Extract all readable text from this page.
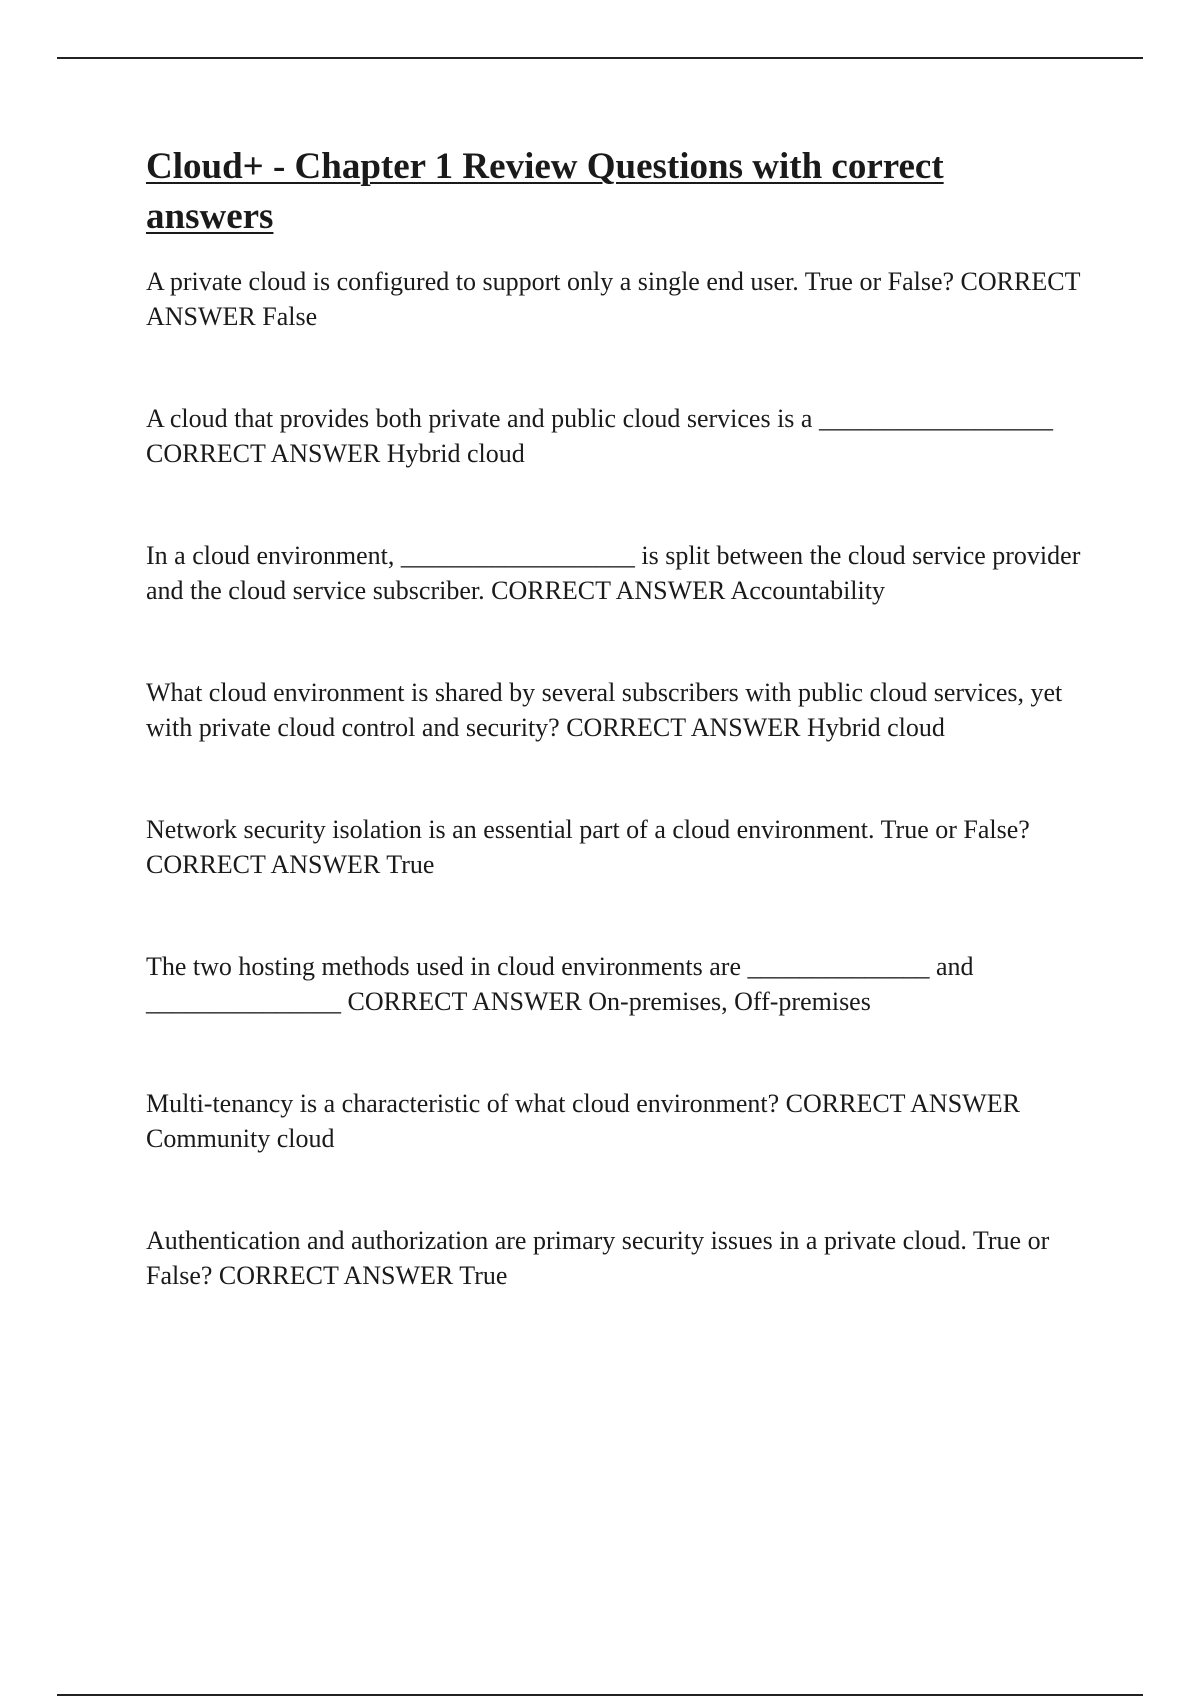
Cloud+ - Chapter 1 Review Questions with correct answers

A private cloud is configured to support only a single end user. True or False? CORRECT ANSWER False

A cloud that provides both private and public cloud services is a __________________ CORRECT ANSWER Hybrid cloud

In a cloud environment, __________________ is split between the cloud service provider and the cloud service subscriber. CORRECT ANSWER Accountability

What cloud environment is shared by several subscribers with public cloud services, yet with private cloud control and security? CORRECT ANSWER Hybrid cloud

Network security isolation is an essential part of a cloud environment. True or False? CORRECT ANSWER True

The two hosting methods used in cloud environments are ______________ and _______________ CORRECT ANSWER On-premises, Off-premises

Multi-tenancy is a characteristic of what cloud environment? CORRECT ANSWER Community cloud

Authentication and authorization are primary security issues in a private cloud. True or False? CORRECT ANSWER True
